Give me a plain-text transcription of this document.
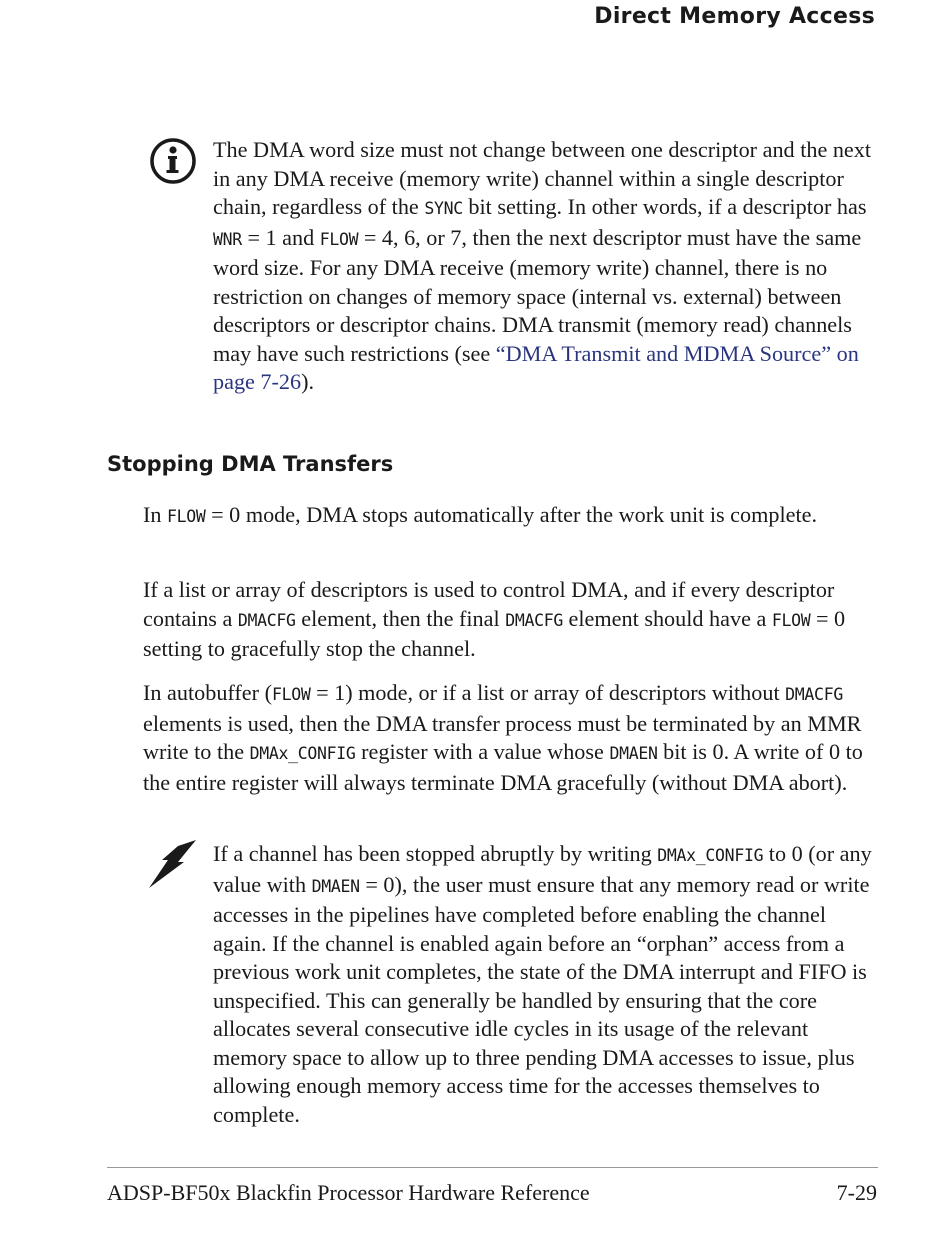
Direct Memory Access

The DMA word size must not change between one descriptor and the next in any DMA receive (memory write) channel within a single descriptor chain, regardless of the SYNC bit setting. In other words, if a descriptor has WNR = 1 and FLOW = 4, 6, or 7, then the next descriptor must have the same word size. For any DMA receive (memory write) channel, there is no restriction on changes of memory space (internal vs. external) between descriptors or descriptor chains. DMA transmit (memory read) channels may have such restrictions (see “DMA Transmit and MDMA Source” on page 7-26).

Stopping DMA Transfers

In FLOW = 0 mode, DMA stops automatically after the work unit is complete.

If a list or array of descriptors is used to control DMA, and if every descriptor contains a DMACFG element, then the final DMACFG element should have a FLOW = 0 setting to gracefully stop the channel.

In autobuffer (FLOW = 1) mode, or if a list or array of descriptors without DMACFG elements is used, then the DMA transfer process must be terminated by an MMR write to the DMAx_CONFIG register with a value whose DMAEN bit is 0. A write of 0 to the entire register will always terminate DMA gracefully (without DMA abort).

If a channel has been stopped abruptly by writing DMAx_CONFIG to 0 (or any value with DMAEN = 0), the user must ensure that any memory read or write accesses in the pipelines have completed before enabling the channel again. If the channel is enabled again before an “orphan” access from a previous work unit completes, the state of the DMA interrupt and FIFO is unspecified. This can generally be handled by ensuring that the core allocates several consecutive idle cycles in its usage of the relevant memory space to allow up to three pending DMA accesses to issue, plus allowing enough memory access time for the accesses themselves to complete.

ADSP-BF50x Blackfin Processor Hardware Reference	7-29
